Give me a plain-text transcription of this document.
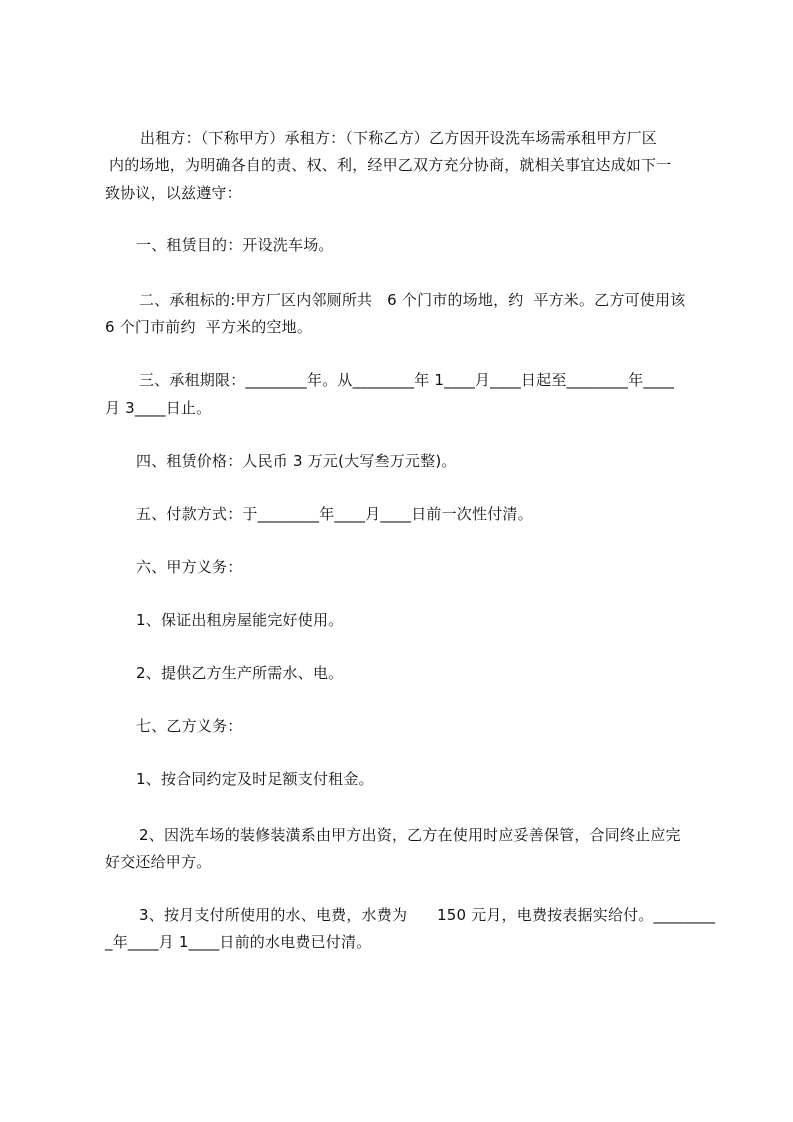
出租方：（下称甲方）承租方：（下称乙方）乙方因开设洗车场需承租甲方厂区

内的场地，为明确各自的责、权、利，经甲乙双方充分协商，就相关事宜达成如下一

致协议，以兹遵守：

一、租赁目的：开设洗车场。

二、承租标的:甲方厂区内邻厕所共   6 个门市的场地，约  平方米。乙方可使用该

6 个门市前约  平方米的空地。

三、承租期限：________年。从________年 1____月____日起至________年____

月 3____日止。

四、租赁价格：人民币 3 万元(大写叁万元整)。

五、付款方式：于________年____月____日前一次性付清。

六、甲方义务：

1、保证出租房屋能完好使用。

2、提供乙方生产所需水、电。

七、乙方义务：

1、按合同约定及时足额支付租金。

2、因洗车场的装修装潢系由甲方出资，乙方在使用时应妥善保管，合同终止应完

好交还给甲方。

3、按月支付所使用的水、电费，水费为      150 元月，电费按表据实给付。________

_年____月 1____日前的水电费已付清。
